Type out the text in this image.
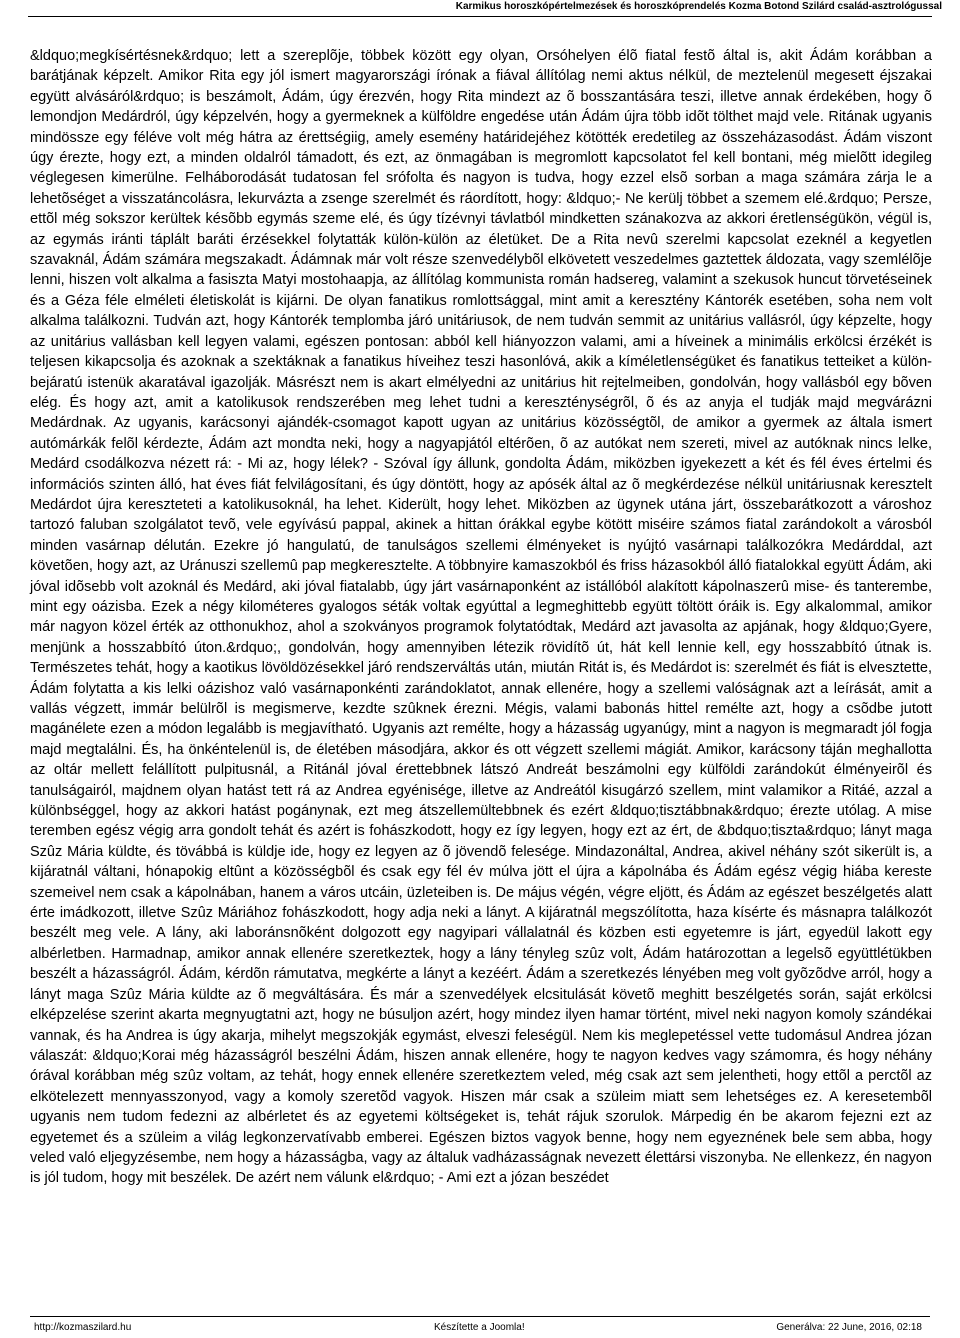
Karmikus horoszkópértelmezések és horoszkóprendelés Kozma Botond Szilárd család-asztrológussal

&ldquo;megkísértésnek&rdquo; lett a szereplõje, többek között egy olyan, Orsóhelyen élõ fiatal festõ által is, akit Ádám korábban a barátjának képzelt. Amikor Rita egy jól ismert magyarországi írónak a fiával állítólag nemi aktus nélkül, de meztelenül megesett éjszakai együtt alvásáról&rdquo; is beszámolt, Ádám, úgy érezvén, hogy Rita mindezt az õ bosszantására teszi, illetve annak érdekében, hogy õ lemondjon Medárdról, úgy képzelvén, hogy a gyermeknek a külföldre engedése után Ádám újra több idõt tölthet majd vele. Ritának ugyanis mindössze egy féléve volt még hátra az érettségiig, amely esemény határidejéhez kötötték eredetileg az összeházasodást. Ádám viszont úgy érezte, hogy ezt, a minden oldalról támadott, és ezt, az önmagában is megromlott kapcsolatot fel kell bontani, még mielõtt idegileg véglegesen kimerülne. Felháborodását tudatosan fel srófolta és nagyon is tudva, hogy ezzel elsõ sorban a maga számára zárja le a lehetõséget a visszatáncolásra, lekurvázta a zsenge szerelmét és ráordított, hogy: &ldquo;- Ne kerülj többet a szemem elé.&rdquo; Persze, ettõl még sokszor kerültek késõbb egymás szeme elé, és úgy tízévnyi távlatból mindketten szánakozva az akkori éretlenségükön, végül is, az egymás iránti táplált baráti érzésekkel folytatták külön-külön az életüket. De a Rita nevû szerelmi kapcsolat ezeknél a kegyetlen szavaknál, Ádám számára megszakadt. Ádámnak már volt része szenvedélybõl elkövetett veszedelmes gaztettek áldozata, vagy szemlélõje lenni, hiszen volt alkalma a fasiszta Matyi mostohaapja, az állítólag kommunista román hadsereg, valamint a szekusok huncut törvetéseinek és a Géza féle elméleti életiskolát is kijárni. De olyan fanatikus romlottsággal, mint amit a keresztény Kántorék esetében, soha nem volt alkalma találkozni. Tudván azt, hogy Kántorék templomba járó unitáriusok, de nem tudván semmit az unitárius vallásról, úgy képzelte, hogy az unitárius vallásban kell legyen valami, egészen pontosan: abból kell hiányozzon valami, ami a híveinek a minimális erkölcsi érzékét is teljesen kikapcsolja és azoknak a szektáknak a fanatikus híveihez teszi hasonlóvá, akik a kíméletlenségüket és fanatikus tetteiket a külön-bejáratú istenük akaratával igazolják. Másrészt nem is akart elmélyedni az unitárius hit rejtelmeiben, gondolván, hogy vallásból egy bõven elég. És hogy azt, amit a katolikusok rendszerében meg lehet tudni a kereszténységrõl, õ és az anyja el tudják majd megvárázni Medárdnak. Az ugyanis, karácsonyi ajándék-csomagot kapott ugyan az unitárius közösségtõl, de amikor a gyermek az általa ismert autómárkák felõl kérdezte, Ádám azt mondta neki, hogy a nagyapjától eltérõen, õ az autókat nem szereti, mivel az autóknak nincs lelke, Medárd csodálkozva nézett rá: - Mi az, hogy lélek? - Szóval így állunk, gondolta Ádám, miközben igyekezett a két és fél éves értelmi és információs szinten álló, hat éves fiát felvilágosítani, és úgy döntött, hogy az apósék által az õ megkérdezése nélkül unitáriusnak keresztelt Medárdot újra kereszteteti a katolikusoknál, ha lehet. Kiderült, hogy lehet. Miközben az ügynek utána járt, összebarátkozott a városhoz tartozó faluban szolgálatot tevõ, vele egyívású pappal, akinek a hittan órákkal egybe kötött miséire számos fiatal zarándokolt a városból minden vasárnap délután. Ezekre jó hangulatú, de tanulságos szellemi élményeket is nyújtó vasárnapi találkozókra Medárddal, azt követõen, hogy azt, az Uránuszi szellemû pap megkeresztelte. A többnyire kamaszokból és friss házasokból álló fiatalokkal együtt Ádám, aki jóval idõsebb volt azoknál és Medárd, aki jóval fiatalabb, úgy járt vasárnaponként az istállóból alakított kápolnaszerû mise- és tanterembe, mint egy oázisba. Ezek a négy kilométeres gyalogos séták voltak egyúttal a legmeghittebb együtt töltött óráik is. Egy alkalommal, amikor már nagyon közel érték az otthonukhoz, ahol a szokványos programok folytatódtak, Medárd azt javasolta az apjának, hogy &ldquo;Gyere, menjünk a hosszabbító úton.&rdquo;, gondolván, hogy amennyiben létezik rövidítõ út, hát kell lennie kell, egy hosszabbító útnak is. Természetes tehát, hogy a kaotikus lövöldözésekkel járó rendszerváltás után, miután Ritát is, és Medárdot is: szerelmét és fiát is elvesztette, Ádám folytatta a kis lelki oázishoz való vasárnaponkénti zarándoklatot, annak ellenére, hogy a szellemi valóságnak azt a leírását, amit a vallás végzett, immár belülrõl is megismerve, kezdte szûknek érezni. Mégis, valami babonás hittel remélte azt, hogy a csõdbe jutott magánélete ezen a módon legalább is megjavítható. Ugyanis azt remélte, hogy a házasság ugyanúgy, mint a nagyon is megmaradt jól fogja majd megtalálni. És, ha önkéntelenül is, de életében másodjára, akkor és ott végzett szellemi mágiát. Amikor, karácsony táján meghallotta az oltár mellett felállított pulpitusnál, a Ritánál jóval érettebbnek látszó Andreát beszámolni egy külföldi zarándokút élményeirõl és tanulságairól, majdnem olyan hatást tett rá az Andrea egyénisége, illetve az Andreától kisugárzó szellem, mint valamikor a Ritáé, azzal a különbséggel, hogy az akkori hatást pogánynak, ezt meg átszellemültebbnek és ezért &ldquo;tisztábbnak&rdquo; érezte utólag. A mise teremben egész végig arra gondolt tehát és azért is fohászkodott, hogy ez így legyen, hogy ezt az ért, de &bdquo;tiszta&rdquo; lányt maga Szûz Mária küldte, és tövábbá is küldje ide, hogy ez legyen az õ jövendõ felesége. Mindazonáltal, Andrea, akivel néhány szót sikerült is, a kijáratnál váltani, hónapokig eltûnt a közösségbõl és csak egy fél év múlva jött el újra a kápolnába és Ádám egész végig hiába kereste szemeivel nem csak a kápolnában, hanem a város utcáin, üzleteiben is. De május végén, végre eljött, és Ádám az egészet beszélgetés alatt érte imádkozott, illetve Szûz Máriához fohászkodott, hogy adja neki a lányt. A kijáratnál megszólította, haza kísérte és másnapra találkozót beszélt meg vele. A lány, aki laboránsnõként dolgozott egy nagyipari vállalatnál és közben esti egyetemre is járt, egyedül lakott egy albérletben. Harmadnap, amikor annak ellenére szeretkeztek, hogy a lány tényleg szûz volt, Ádám határozottan a legelsõ együttlétükben beszélt a házasságról. Ádám, kérdõn rámutatva, megkérte a lányt a kezéért. Ádám a szeretkezés lényében meg volt gyõzõdve arról, hogy a lányt maga Szûz Mária küldte az õ megváltására. És már a szenvedélyek elcsitulását követõ meghitt beszélgetés során, saját erkölcsi elképzelése szerint akarta megnyugtatni azt, hogy ne búsuljon azért, hogy mindez ilyen hamar történt, mivel neki nagyon komoly szándékai vannak, és ha Andrea is úgy akarja, mihelyt megszokják egymást, elveszi feleségül. Nem kis meglepetéssel vette tudomásul Andrea józan válaszát: &ldquo;Korai még házasságról beszélni Ádám, hiszen annak ellenére, hogy te nagyon kedves vagy számomra, és hogy néhány órával korábban még szûz voltam, az tehát, hogy ennek ellenére szeretkeztem veled, még csak azt sem jelentheti, hogy ettõl a perctõl az elkötelezett mennyasszonyod, vagy a komoly szeretõd vagyok. Hiszen már csak a szüleim miatt sem lehetséges ez. A keresetembõl ugyanis nem tudom fedezni az albérletet és az egyetemi költségeket is, tehát rájuk szorulok. Márpedig én be akarom fejezni ezt az egyetemet és a szüleim a világ legkonzervatívabb emberei. Egészen biztos vagyok benne, hogy nem egyeznének bele sem abba, hogy veled való eljegyzésembe, nem hogy a házasságba, vagy az általuk vadházasságnak nevezett élettársi viszonyba. Ne ellenkezz, én nagyon is jól tudom, hogy mit beszélek. De azért nem válunk el&rdquo; - Ami ezt a józan beszédet

http://kozmaszilard.hu	Készítette a Joomla!	Generálva: 22 June, 2016, 02:18
